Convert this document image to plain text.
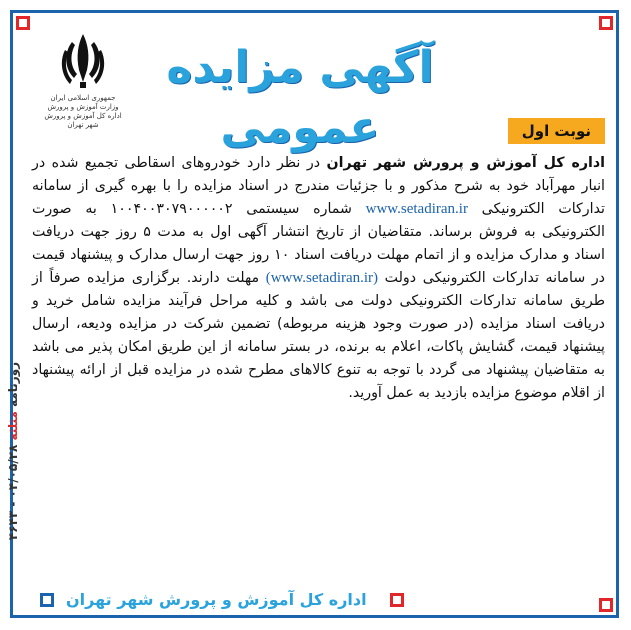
آگهی مزایده عمومی
جمهوری اسلامی ایران
وزارت آموزش و پرورش
اداره کل آموزش و پرورش شهر تهران	نوبت اول
اداره کل آموزش و پرورش شهر تهران در نظر دارد خودروهای اسقاطی تجمیع شده در انبار مهرآباد خود به شرح مذکور و با جزئیات مندرج در اسناد مزایده را با بهره گیری از سامانه تدارکات الکترونیکی www.setadiran.ir شماره سیستمی ۱۰۰۴۰۰۳۰۷۹۰۰۰۰۰۲ به صورت الکترونیکی به فروش برساند. متقاضیان از تاریخ انتشار آگهی اول به مدت ۵ روز جهت دریافت اسناد و مدارک مزایده و از اتمام مهلت دریافت اسناد ۱۰ روز جهت ارسال مدارک و پیشنهاد قیمت در سامانه تدارکات الکترونیکی دولت (www.setadiran.ir) مهلت دارند. برگزاری مزایده صرفاً از طریق سامانه تدارکات الکترونیکی دولت می باشد و کلیه مراحل فرآیند مزایده شامل خرید و دریافت اسناد مزایده (در صورت وجود هزینه مربوطه) تضمین شرکت در مزایده ودیعه، ارسال پیشنهاد قیمت، گشایش پاکات، اعلام به برنده، در بستر سامانه از این طریق امکان پذیر می باشد به متقاضیان پیشنهاد می گردد با توجه به تنوع کالاهای مطرح شده در مزایده قبل از ارائه پیشنهاد از اقلام موضوع مزایده بازدید به عمل آورید.
روزنامه مثلثه ۰۴/۰۵/۲۸ - ۴۶۴۳
اداره کل آموزش و پرورش شهر تهران
